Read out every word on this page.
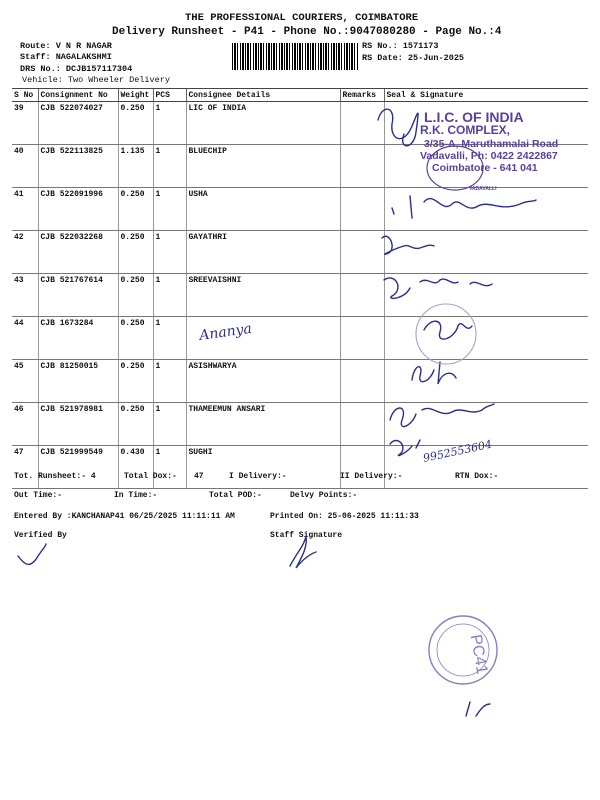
THE PROFESSIONAL COURIERS, COIMBATORE
Delivery Runsheet - P41 - Phone No.:9047080280 - Page No.:4
Route: V N R NAGAR
Staff: NAGALAKSHMI
DRS No.: DCJB157117304
Vehicle: Two Wheeler Delivery
RS No.: 1571173
RS Date: 25-Jun-2025
S No	Consignment No	Weight	PCS	Consignee Details	Remarks	Seal & Signature
39	CJB 522074027	0.250	1	LIC OF INDIA		
40	CJB 522113825	1.135	1	BLUECHIP		
41	CJB 522091996	0.250	1	USHA		
42	CJB 522032268	0.250	1	GAYATHRI		
43	CJB 521767614	0.250	1	SREEVAISHNI		
44	CJB 1673284	0.250	1			
45	CJB 81250015	0.250	1	ASISHWARYA		
46	CJB 521978981	0.250	1	THAMEEMUN ANSARI		
47	CJB 521999549	0.430	1	SUGHI		
Tot. Runsheet:- 4	Total Dox:- 47	I Delivery:-	II Delivery:-	RTN Dox:-
Out Time:-	In Time:-	Total POD:-	Delvy Points:-
Entered By :KANCHANAP41 06/25/2025 11:11:11 AM	Printed On: 25-06-2025 11:11:33
Verified By	Staff Signature
L.I.C. OF INDIA
R.K. COMPLEX,
3/35-A, Maruthamalai Road
Vadavalli, Ph: 0422 2422867
Coimbatore - 641 041
VADAVALLI
Ananya
9952553604
PC41
